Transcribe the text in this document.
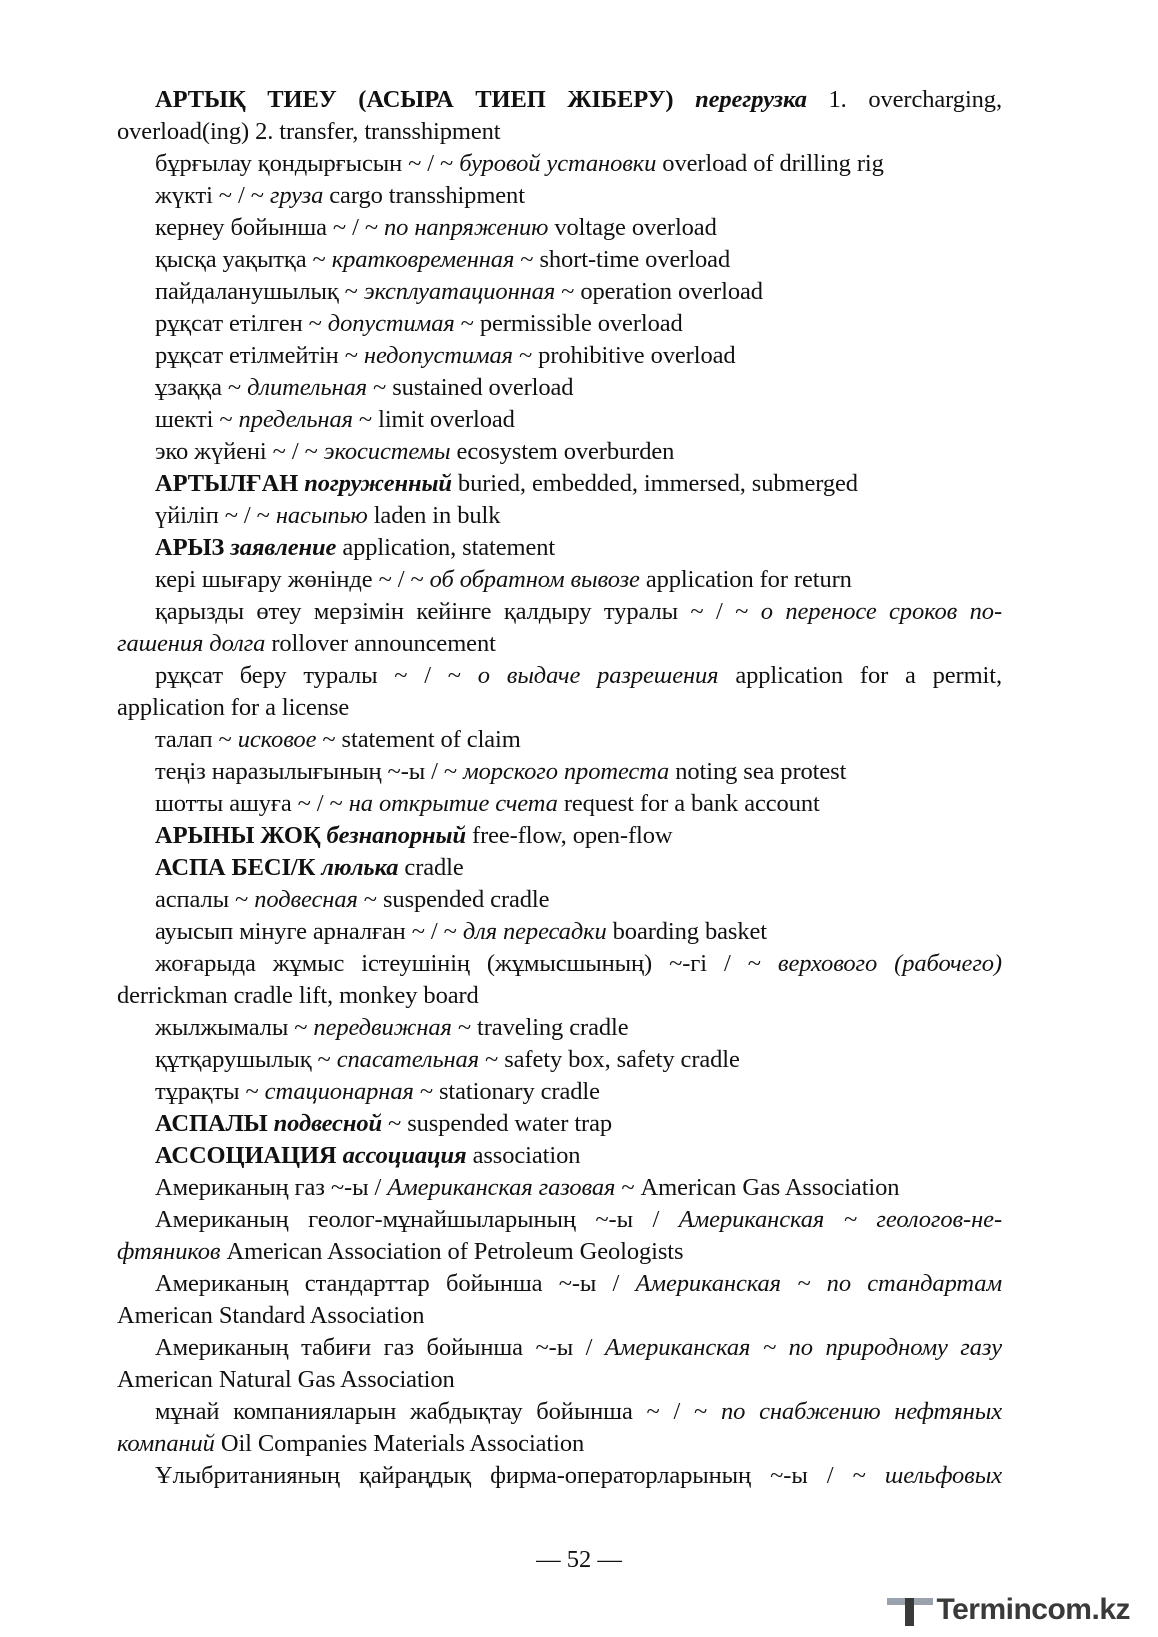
АРТЫҚ ТИЕУ (АСЫРА ТИЕП ЖІБЕРУ) перегрузка 1. overcharging,
overload(ing) 2. transfer, transshipment
бұрғылау қондырғысын ~ / ~ буровой установки overload of drilling rig
жүкті ~ / ~ груза cargo transshipment
кернеу бойынша ~ / ~ по напряжению voltage overload
қысқа уақытқа ~ кратковременная ~ short-time overload
пайдаланушылық ~ эксплуатационная ~ operation overload
рұқсат етілген ~ допустимая ~ permissible overload
рұқсат етілмейтін ~ недопустимая ~ prohibitive overload
ұзаққа ~ длительная ~ sustained overload
шекті ~ предельная ~ limit overload
эко жүйені ~ / ~ экосистемы ecosystem overburden
АРТЫЛҒАН погруженный buried, embedded, immersed, submerged
үйіліп ~ / ~ насыпью laden in bulk
АРЫЗ заявление application, statement
кері шығару жөнінде ~ / ~ об обратном вывозе application for return
қарызды өтеу мерзімін кейінге қалдыру туралы ~ / ~ о переносе сроков по-
гашения долга rollover announcement
рұқсат беру туралы ~ / ~ о выдаче разрешения application for a permit,
application for a license
талап ~ исковое ~ statement of claim
теңіз наразылығының ~-ы / ~ морского протеста noting sea protest
шотты ашуға ~ / ~ на открытие счета request for a bank account
АРЫНЫ ЖОҚ безнапорный free-flow, open-flow
АСПА БЕСІ/К люлька cradle
аспалы ~ подвесная ~ suspended cradle
ауысып мінуге арналған ~ / ~ для пересадки boarding basket
жоғарыда жұмыс істеушінің (жұмысшының) ~-гі / ~ верхового (рабочего)
derrickman cradle lift, monkey board
жылжымалы ~ передвижная ~ traveling cradle
құтқарушылық ~ спасательная ~ safety box, safety cradle
тұрақты ~ стационарная ~ stationary cradle
АСПАЛЫ подвесной ~ suspended water trap
АССОЦИАЦИЯ ассоциация association
Американың газ ~-ы / Американская газовая ~ American Gas Association
Американың геолог-мұнайшыларының ~-ы / Американская ~ геологов-не-
фтяников American Association of Petroleum Geologists
Американың стандарттар бойынша ~-ы / Американская ~ по стандартам
American Standard Association
Американың табиғи газ бойынша ~-ы / Американская ~ по природному газу
American Natural Gas Association
мұнай компанияларын жабдықтау бойынша ~ / ~ по снабжению нефтяных
компаний Oil Companies Materials Association
Ұлыбританияның қайраңдық фирма-операторларының ~-ы / ~ шельфовых
— 52 —
Termincom.kz
